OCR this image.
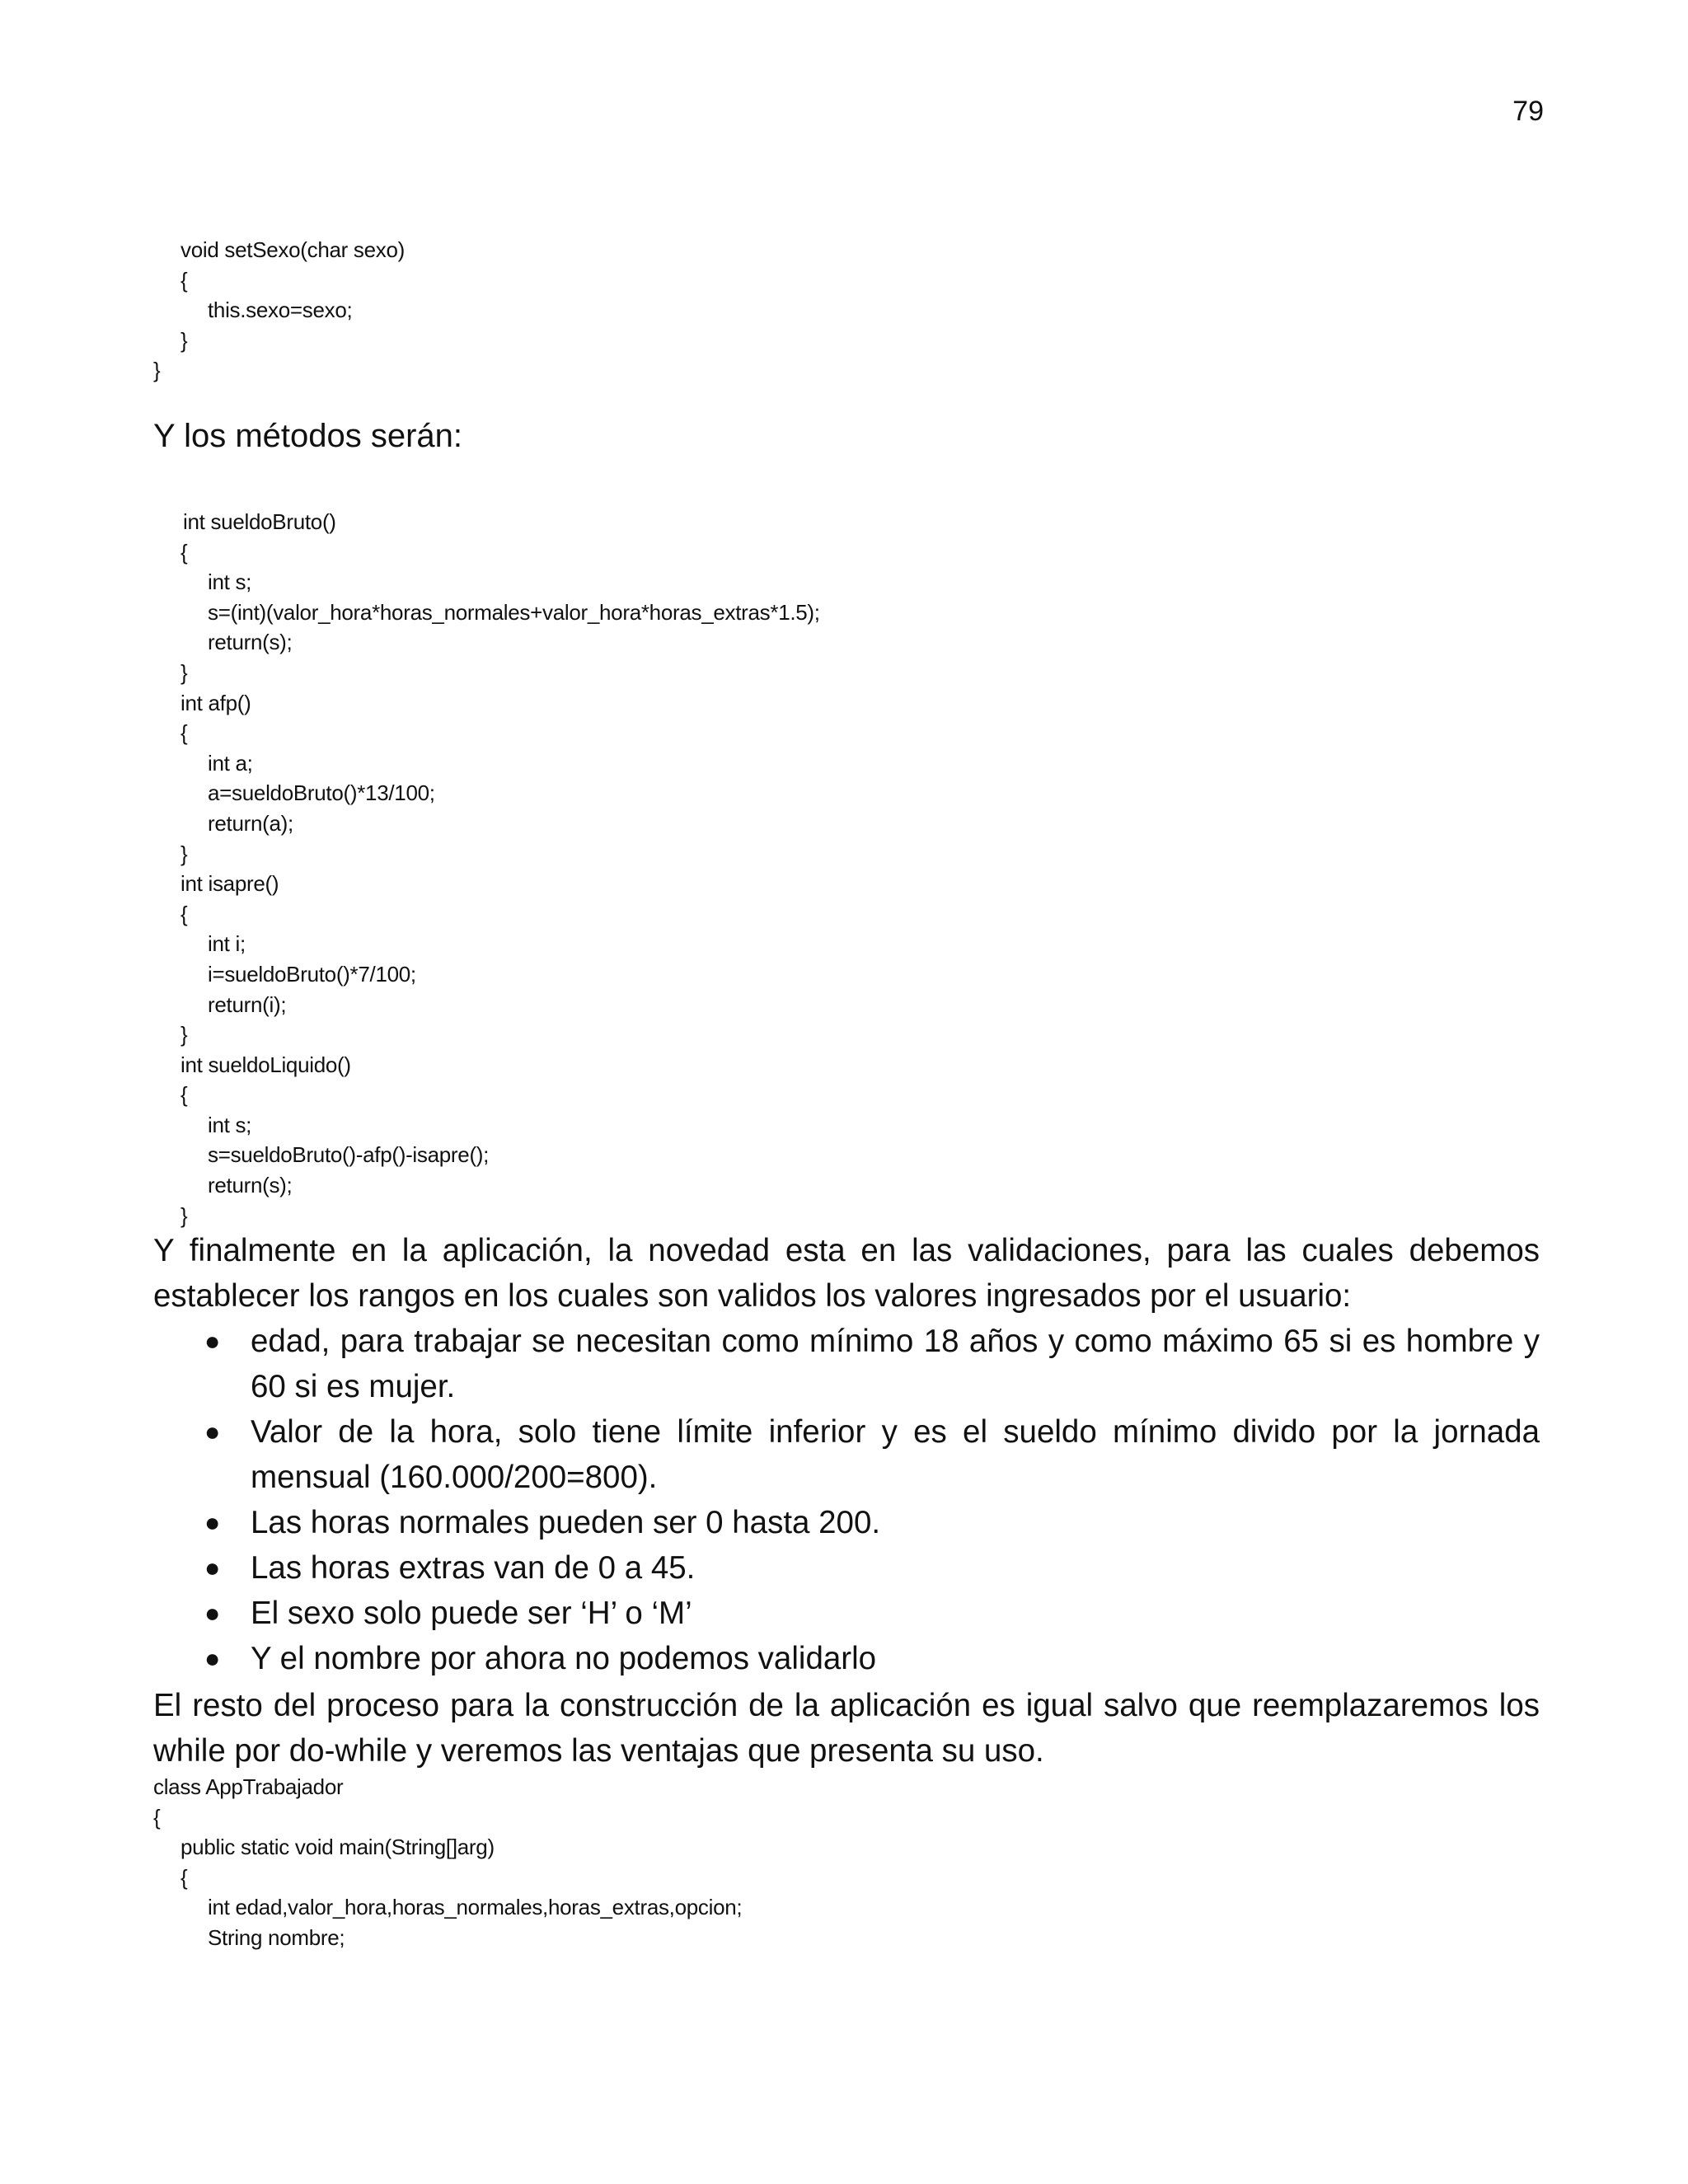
79
void setSexo(char sexo)
{
this.sexo=sexo;
}
}

Y los métodos serán:

int sueldoBruto()
{
int s;
s=(int)(valor_hora*horas_normales+valor_hora*horas_extras*1.5);
return(s);
}
int afp()
{
int a;
a=sueldoBruto()*13/100;
return(a);
}
int isapre()
{
int i;
i=sueldoBruto()*7/100;
return(i);
}
int sueldoLiquido()
{
int s;
s=sueldoBruto()-afp()-isapre();
return(s);
}

Y finalmente en la aplicación, la novedad esta en las validaciones, para las cuales debemos establecer los rangos en los cuales son validos los valores ingresados por el usuario:

● edad, para trabajar se necesitan como mínimo 18 años y como máximo 65 si es hombre y 60 si es mujer.
● Valor de la hora, solo tiene límite inferior y es el sueldo mínimo divido por la jornada mensual (160.000/200=800).
● Las horas normales pueden ser 0 hasta 200.
● Las horas extras van de 0 a 45.
● El sexo solo puede ser ‘H’ o ‘M’
● Y el nombre por ahora no podemos validarlo

El resto del proceso para la construcción de la aplicación es igual salvo que reemplazaremos los while por do-while y veremos las ventajas que presenta su uso.

class AppTrabajador
{
public static void main(String[]arg)
{
int edad,valor_hora,horas_normales,horas_extras,opcion;
String nombre;
